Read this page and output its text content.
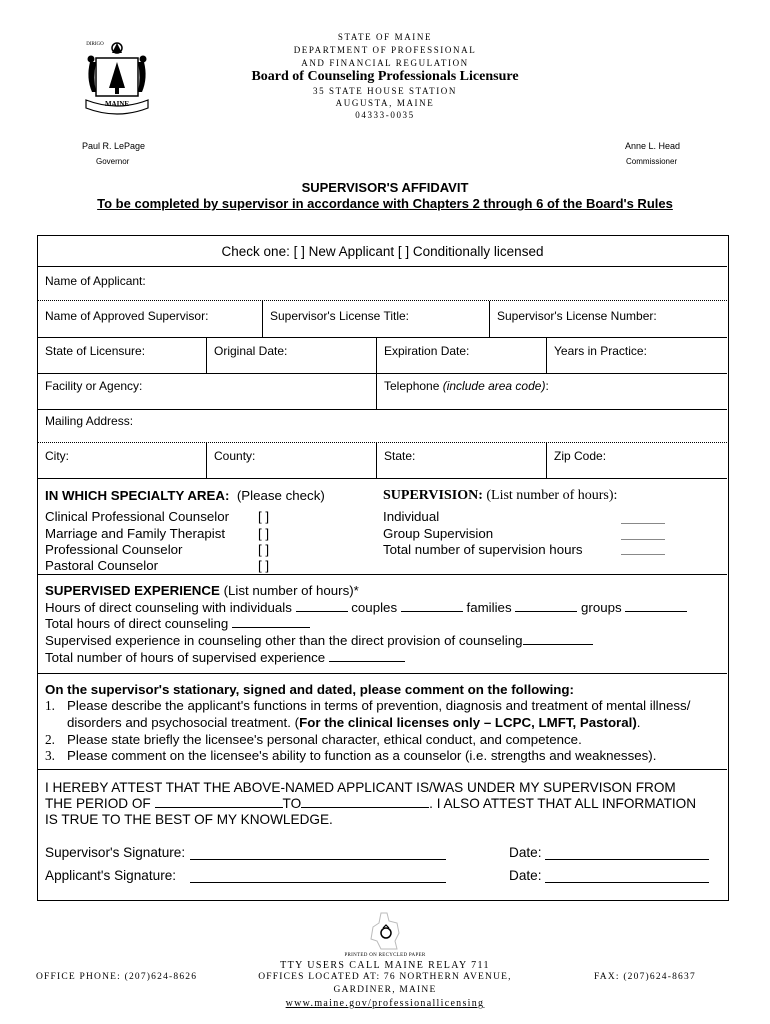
MAINE
DIRIGO
STATE OF MAINE
DEPARTMENT OF PROFESSIONAL
AND FINANCIAL REGULATION
Board of Counseling Professionals Licensure
35 STATE HOUSE STATION
AUGUSTA, MAINE
04333-0035
Paul R. LePage
Governor
Anne L. Head
Commissioner
SUPERVISOR'S AFFIDAVIT
To be completed by supervisor in accordance with Chapters 2 through 6 of the Board's Rules
Check one: [ ] New Applicant [ ] Conditionally licensed
Name of Applicant:
Name of Approved Supervisor:	Supervisor's License Title:	Supervisor's License Number:
State of Licensure:	Original Date:	Expiration Date:	Years in Practice:
Facility or Agency:	Telephone (include area code):
Mailing Address:
City:	County:	State:	Zip Code:
IN WHICH SPECIALTY AREA: (Please check)
Clinical Professional Counselor [ ]
Marriage and Family Therapist [ ]
Professional Counselor	[ ]
Pastoral Counselor	[ ]
SUPERVISION: (List number of hours):
Individual
Group Supervision
Total number of supervision hours
SUPERVISED EXPERIENCE (List number of hours)*
Hours of direct counseling with individuals	couples	families	groups
Total hours of direct counseling
Supervised experience in counseling other than the direct provision of counseling
Total number of hours of supervised experience
On the supervisor's stationary, signed and dated, please comment on the following:
1. Please describe the applicant's functions in terms of prevention, diagnosis and treatment of mental illness/
disorders and psychosocial treatment. (For the clinical licenses only – LCPC, LMFT, Pastoral).
2. Please state briefly the licensee's personal character, ethical conduct, and competence.
3. Please comment on the licensee's ability to function as a counselor (i.e. strengths and weaknesses).
I HEREBY ATTEST THAT THE ABOVE-NAMED APPLICANT IS/WAS UNDER MY SUPERVISON FROM
THE PERIOD OF	TO	. I ALSO ATTEST THAT ALL INFORMATION
IS TRUE TO THE BEST OF MY KNOWLEDGE.
Supervisor's Signature:	Date:
Applicant's Signature:	Date:
PRINTED ON RECYCLED PAPER
TTY USERS CALL MAINE RELAY 711
OFFICE PHONE: (207)624-8626	OFFICES LOCATED AT: 76 NORTHERN AVENUE,	FAX: (207)624-8637
GARDINER, MAINE
www.maine.gov/professionallicensing
